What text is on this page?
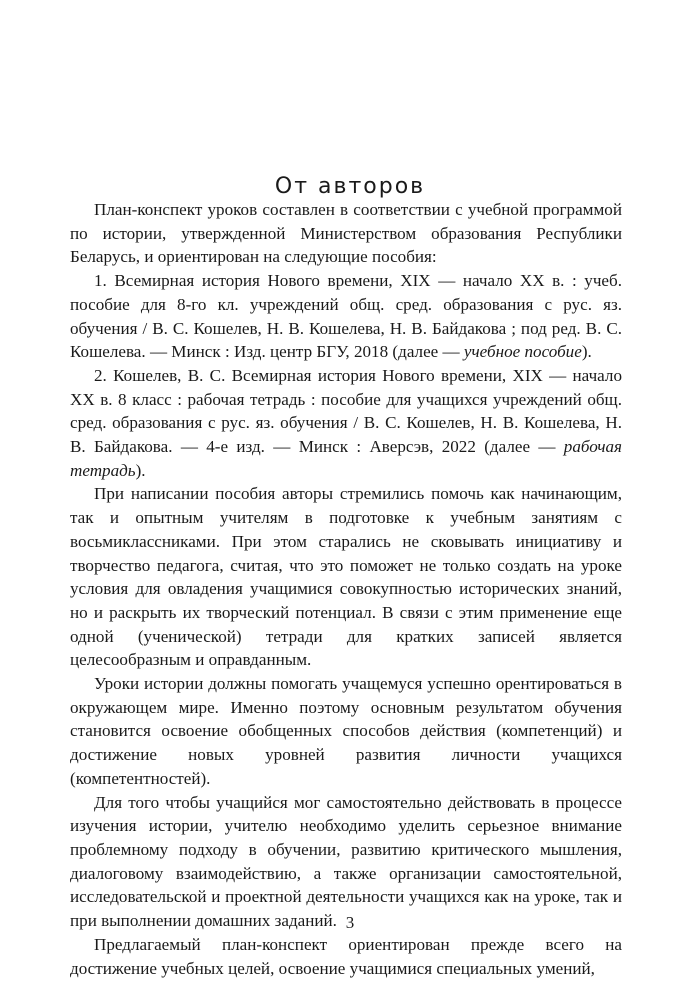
От авторов

План-конспект уроков составлен в соответствии с учебной программой по истории, утвержденной Министерством образования Республики Беларусь, и ориентирован на следующие пособия:

1. Всемирная история Нового времени, XIX — начало XX в. : учеб. пособие для 8-го кл. учреждений общ. сред. образования с рус. яз. обучения / В. С. Кошелев, Н. В. Кошелева, Н. В. Байдакова ; под ред. В. С. Кошелева. — Минск : Изд. центр БГУ, 2018 (далее — учебное пособие).

2. Кошелев, В. С. Всемирная история Нового времени, XIX — начало XX в. 8 класс : рабочая тетрадь : пособие для учащихся учреждений общ. сред. образования с рус. яз. обучения / В. С. Кошелев, Н. В. Кошелева, Н. В. Байдакова. — 4-е изд. — Минск : Аверсэв, 2022 (далее — рабочая тетрадь).

При написании пособия авторы стремились помочь как начинающим, так и опытным учителям в подготовке к учебным занятиям с восьмиклассниками. При этом старались не сковывать инициативу и творчество педагога, считая, что это поможет не только создать на уроке условия для овладения учащимися совокупностью исторических знаний, но и раскрыть их творческий потенциал. В связи с этим применение еще одной (ученической) тетради для кратких записей является целесообразным и оправданным.

Уроки истории должны помогать учащемуся успешно орентироваться в окружающем мире. Именно поэтому основным результатом обучения становится освоение обобщенных способов действия (компетенций) и достижение новых уровней развития личности учащихся (компетентностей).

Для того чтобы учащийся мог самостоятельно действовать в процессе изучения истории, учителю необходимо уделить серьезное внимание проблемному подходу в обучении, развитию критического мышления, диалоговому взаимодействию, а также организации самостоятельной, исследовательской и проектной деятельности учащихся как на уроке, так и при выполнении домашних заданий.

Предлагаемый план-конспект ориентирован прежде всего на достижение учебных целей, освоение учащимися специальных умений,

3
